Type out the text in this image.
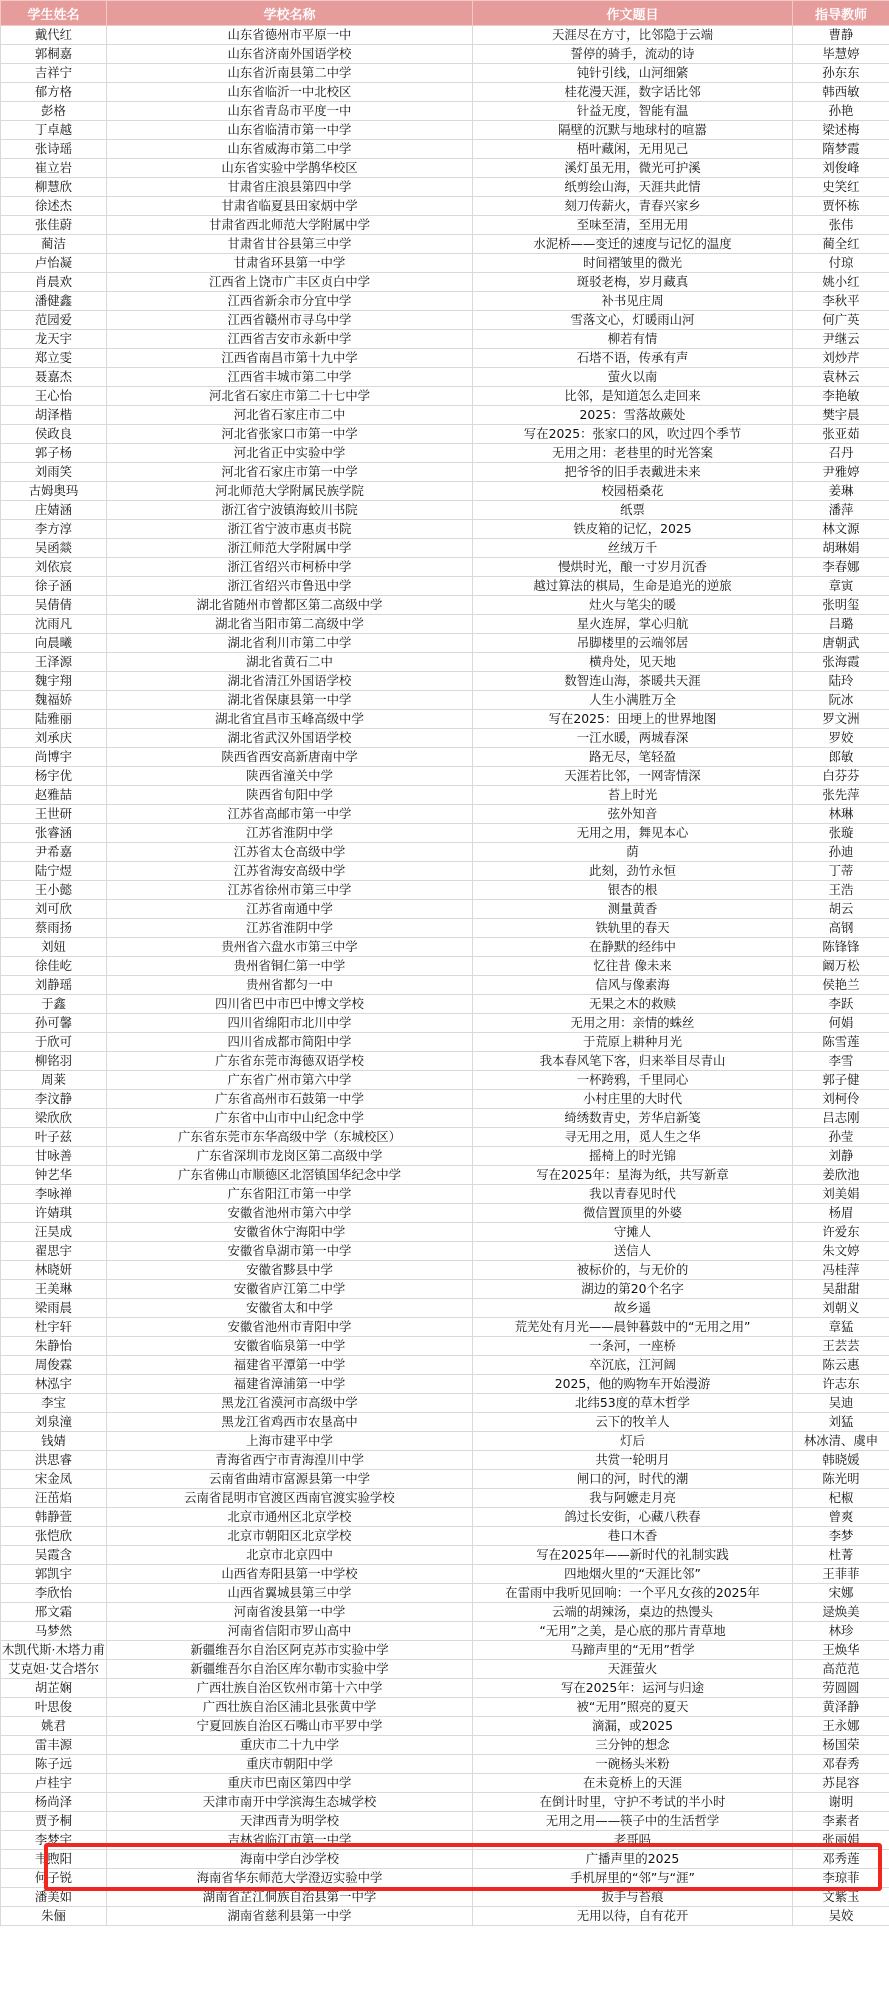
学生姓名	学校名称	作文题目	指导教师
戴代红	山东省德州市平原一中	天涯尽在方寸，比邻隐于云端	曹静
郭桐嘉	山东省济南外国语学校	誓停的骑手，流动的诗	毕慧婷
吉祥宁	山东省沂南县第二中学	钝针引线，山河细綮	孙东东
郁方格	山东省临沂一中北校区	桂花漫天涯，数字话比邻	韩西敏
彭格	山东省青岛市平度一中	针益无度，智能有温	孙艳
丁卓越	山东省临清市第一中学	隔壁的沉默与地球村的喧嚣	梁述梅
张诗瑶	山东省威海市第二中学	梧叶藏闲，无用见己	隋梦霞
崔立岩	山东省实验中学鹊华校区	溪灯虽无用，微光可护溪	刘俊峰
柳慧欣	甘肃省庄浪县第四中学	纸剪绘山海，天涯共此情	史笑红
徐述杰	甘肃省临夏县田家炳中学	刻刀传薪火，青春兴家乡	贾怀栋
张佳蔚	甘肃省西北师范大学附属中学	至味至清，至用无用	张伟
蔺洁	甘肃省甘谷县第三中学	水泥桥——变迁的速度与记忆的温度	蔺全红
卢怡凝	甘肃省环县第一中学	时间褶皱里的微光	付琼
肖晨欢	江西省上饶市广丰区贞白中学	斑驳老梅，岁月藏真	姚小红
潘健鑫	江西省新余市分宜中学	补书见庄周	李秋平
范园爱	江西省赣州市寻乌中学	雪落文心，灯暖雨山河	何广英
龙天宇	江西省吉安市永新中学	柳若有情	尹继云
郑立雯	江西省南昌市第十九中学	石塔不语，传承有声	刘炒芹
聂嘉杰	江西省丰城市第二中学	萤火以南	袁林云
王心怡	河北省石家庄市第二十七中学	比邻，是知道怎么走回来	李艳敏
胡泽楷	河北省石家庄市二中	2025：雪落故蕨处	樊宇晨
侯政良	河北省张家口市第一中学	写在2025：张家口的风，吹过四个季节	张亚茹
郭子杨	河北省正中实验中学	无用之用：老巷里的时光答案	召丹
刘雨笑	河北省石家庄市第一中学	把爷爷的旧手表戴进未来	尹雅婷
古姆奥玛	河北师范大学附属民族学院	校园梧桑花	姜琳
庄婧涵	浙江省宁波镇海蛟川书院	纸票	潘萍
李方淳	浙江省宁波市惠贞书院	铁皮箱的记忆，2025	林文源
吴函燚	浙江师范大学附属中学	丝绒万千	胡琳娟
刘依宸	浙江省绍兴市柯桥中学	慢烘时光，酿一寸岁月沉香	李春娜
徐子涵	浙江省绍兴市鲁迅中学	越过算法的棋局，生命是追光的逆旅	章寅
吴倩倩	湖北省随州市曾都区第二高级中学	灶火与笔尖的暖	张明玺
沈雨凡	湖北省当阳市第二高级中学	星火连屏，掌心归航	吕璐
向晨曦	湖北省利川市第二中学	吊脚楼里的云端邻居	唐朝武
王泽源	湖北省黄石二中	横舟处，见天地	张海霞
魏宇翔	湖北省清江外国语学校	数智连山海，茶暖共天涯	陆玲
魏福娇	湖北省保康县第一中学	人生小满胜万全	阮冰
陆雅丽	湖北省宜昌市玉峰高级中学	写在2025：田埂上的世界地图	罗文洲
刘承庆	湖北省武汉外国语学校	一江水暖，两城春深	罗姣
尚博宇	陕西省西安高新唐南中学	路无尽，笔轻盈	郎敏
杨宇优	陕西省潼关中学	天涯若比邻，一网寄情深	白芬芬
赵雅喆	陕西省旬阳中学	苔上时光	张先萍
王世研	江苏省高邮市第一中学	弦外知音	林琳
张睿涵	江苏省淮阴中学	无用之用，舞见本心	张璇
尹希嘉	江苏省太仓高级中学	荫	孙迪
陆宁煜	江苏省海安高级中学	此刻，劲竹永恒	丁蒂
王小懿	江苏省徐州市第三中学	银杏的根	王浩
刘可欣	江苏省南通中学	测量黄香	胡云
蔡雨扬	江苏省淮阴中学	铁轨里的春天	高钢
刘妞	贵州省六盘水市第三中学	在静默的经纬中	陈锋锋
徐佳屹	贵州省铜仁第一中学	忆往昔 像未来	阚万松
刘静瑶	贵州省都匀一中	信风与像素海	侯艳兰
于鑫	四川省巴中市巴中博文学校	无果之木的救赎	李跃
孙可馨	四川省绵阳市北川中学	无用之用：亲情的蛛丝	何娟
于欣可	四川省成都市简阳中学	于荒原上耕种月光	陈雪莲
柳铭羽	广东省东莞市海德双语学校	我本春风笔下客，归来举目尽青山	李雪
周莱	广东省广州市第六中学	一杯跨鸦，千里同心	郭子健
李汶静	广东省高州市石鼓第一中学	小村庄里的大时代	刘柯伶
梁欣欣	广东省中山市中山纪念中学	绮绣数青史，芳华启新笺	吕志刚
叶子兹	广东省东莞市东华高级中学（东城校区）	寻无用之用，觅人生之华	孙莹
甘咏善	广东省深圳市龙岗区第二高级中学	摇椅上的时光锦	刘静
钟艺华	广东省佛山市顺德区北滘镇国华纪念中学	写在2025年：星海为纸，共写新章	姜欣池
李咏禅	广东省阳江市第一中学	我以青春见时代	刘美娟
许婧琪	安徽省池州市第六中学	微信置顶里的外婆	杨眉
汪昊成	安徽省休宁海阳中学	守摊人	许爱东
翟思宇	安徽省阜湖市第一中学	送信人	朱文婷
林晓妍	安徽省黟县中学	被标价的，与无价的	冯桂萍
王美琳	安徽省庐江第二中学	湖边的第20个名字	吴甜甜
梁雨晨	安徽省太和中学	故乡遥	刘朝义
杜宇轩	安徽省池州市青阳中学	荒芜处有月光——晨钟暮鼓中的“无用之用”	章猛
朱静怡	安徽省临泉第一中学	一条河，一座桥	王芸芸
周俊霖	福建省平潭第一中学	卒沉底，江河阔	陈云惠
林泓宇	福建省漳浦第一中学	2025，他的购物车开始漫游	许志东
李宝	黑龙江省漠河市高级中学	北纬53度的草木哲学	吴迪
刘泉潼	黑龙江省鸡西市农垦高中	云下的牧羊人	刘猛
钱婧	上海市建平中学	灯后	林冰清、虞申
洪思睿	青海省西宁市青海湟川中学	共赏一轮明月	韩晓媛
宋金凤	云南省曲靖市富源县第一中学	闸口的河，时代的潮	陈光明
汪茁焰	云南省昆明市官渡区西南官渡实验学校	我与阿嬷走月亮	杞椒
韩静萱	北京市通州区北京学校	鸽过长安街，心藏八秩春	曾爽
张恺欣	北京市朝阳区北京学校	巷口木香	李梦
吴霞含	北京市北京四中	写在2025年——新时代的礼制实践	杜菁
郭凯宇	山西省寿阳县第一中学校	四地烟火里的“天涯比邻”	王菲菲
李欣怡	山西省翼城县第三中学	在雷雨中我听见回响：一个平凡女孩的2025年	宋娜
邢文霜	河南省浚县第一中学	云端的胡辣汤，桌边的热馒头	逯焕美
马梦然	河南省信阳市罗山高中	“无用”之美，是心底的那片青草地	林珍
木凯代斯·木塔力甫	新疆维吾尔自治区阿克苏市实验中学	马蹄声里的“无用”哲学	王焕华
艾克妲·艾合塔尔	新疆维吾尔自治区库尔勒市实验中学	天涯萤火	高范范
胡芷娴	广西壮族自治区钦州市第十六中学	写在2025年：运河与归途	劳圆圆
叶思俊	广西壮族自治区浦北县张黄中学	被“无用”照亮的夏天	黄泽静
姚君	宁夏回族自治区石嘴山市平罗中学	滴漏，或2025	王永娜
雷丰源	重庆市二十九中学	三分钟的想念	杨国荣
陈子远	重庆市朝阳中学	一碗杨头米粉	邓春秀
卢桂宇	重庆市巴南区第四中学	在未竟桥上的天涯	苏昆容
杨尚泽	天津市南开中学滨海生态城学校	在倒计时里，守护不考试的半小时	谢明
贾予桐	天津西青为明学校	无用之用——筷子中的生活哲学	李素者
李梦宇	吉林省临江市第一中学	老哥吗	张丽娟
韦煦阳	海南中学白沙学校	广播声里的2025	邓秀莲
何子锐	海南省华东师范大学澄迈实验中学	手机屏里的“邻”与“涯”	李琼菲
潘美如	湖南省芷江侗族自治县第一中学	扳手与苔痕	文紫玉
朱俪	湖南省慈利县第一中学	无用以待，自有花开	吴姣
